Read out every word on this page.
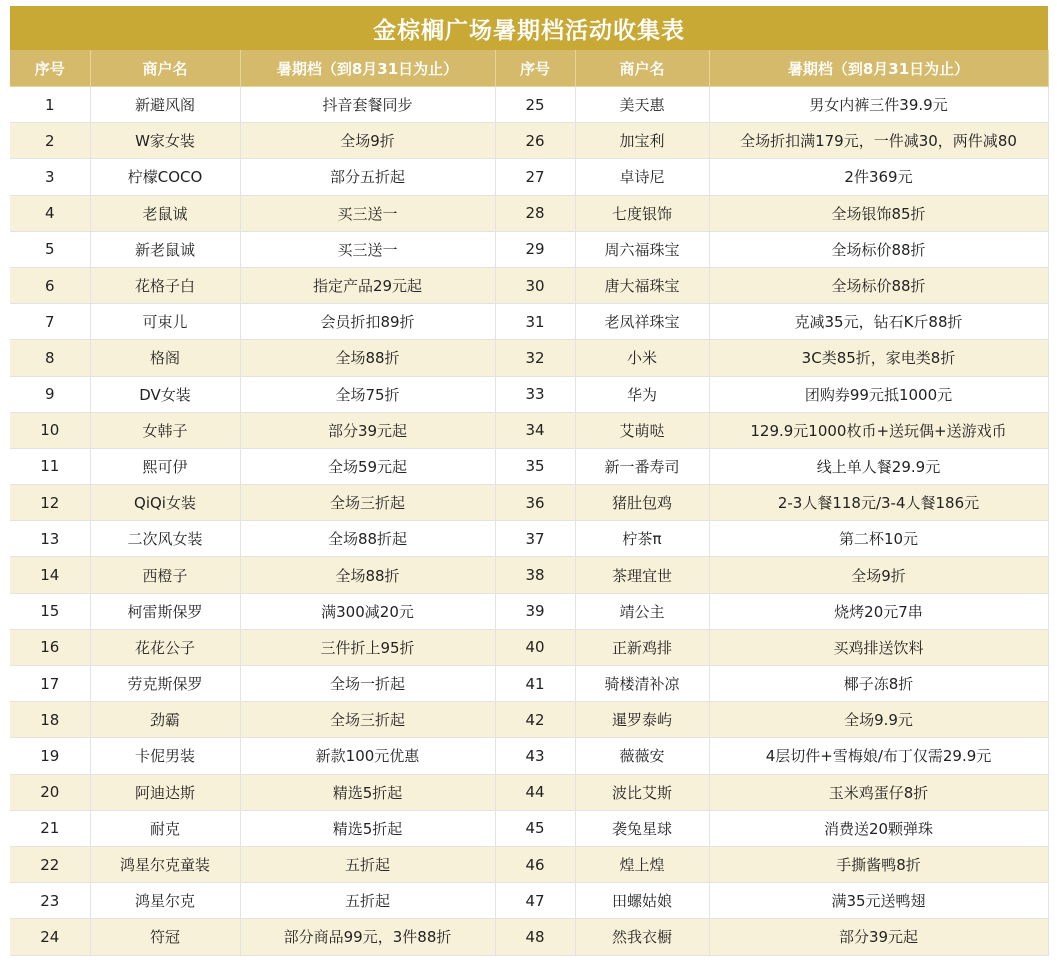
金棕榈广场暑期档活动收集表
序号	商户名	暑期档（到8月31日为止）	序号	商户名	暑期档（到8月31日为止）
1	新避风阁	抖音套餐同步	25	美天惠	男女内裤三件39.9元
2	W家女装	全场9折	26	加宝利	全场折扣满179元，一件减30，两件减80
3	柠檬COCO	部分五折起	27	卓诗尼	2件369元
4	老鼠诚	买三送一	28	七度银饰	全场银饰85折
5	新老鼠诚	买三送一	29	周六福珠宝	全场标价88折
6	花格子白	指定产品29元起	30	唐大福珠宝	全场标价88折
7	可束儿	会员折扣89折	31	老凤祥珠宝	克减35元，钻石K斤88折
8	格阁	全场88折	32	小米	3C类85折，家电类8折
9	DV女装	全场75折	33	华为	团购券99元抵1000元
10	女韩子	部分39元起	34	艾萌哒	129.9元1000枚币+送玩偶+送游戏币
11	熙可伊	全场59元起	35	新一番寿司	线上单人餐29.9元
12	QiQi女装	全场三折起	36	猪肚包鸡	2-3人餐118元/3-4人餐186元
13	二次风女装	全场88折起	37	柠茶π	第二杯10元
14	西橙子	全场88折	38	茶理宜世	全场9折
15	柯雷斯保罗	满300减20元	39	靖公主	烧烤20元7串
16	花花公子	三件折上95折	40	正新鸡排	买鸡排送饮料
17	劳克斯保罗	全场一折起	41	骑楼清补凉	椰子冻8折
18	劲霸	全场三折起	42	暹罗泰屿	全场9.9元
19	卡伲男装	新款100元优惠	43	薇薇安	4层切件+雪梅娘/布丁仅需29.9元
20	阿迪达斯	精选5折起	44	波比艾斯	玉米鸡蛋仔8折
21	耐克	精选5折起	45	袭兔星球	消费送20颗弹珠
22	鸿星尔克童装	五折起	46	煌上煌	手撕酱鸭8折
23	鸿星尔克	五折起	47	田螺姑娘	满35元送鸭翅
24	符冠	部分商品99元，3件88折	48	然我衣橱	部分39元起
